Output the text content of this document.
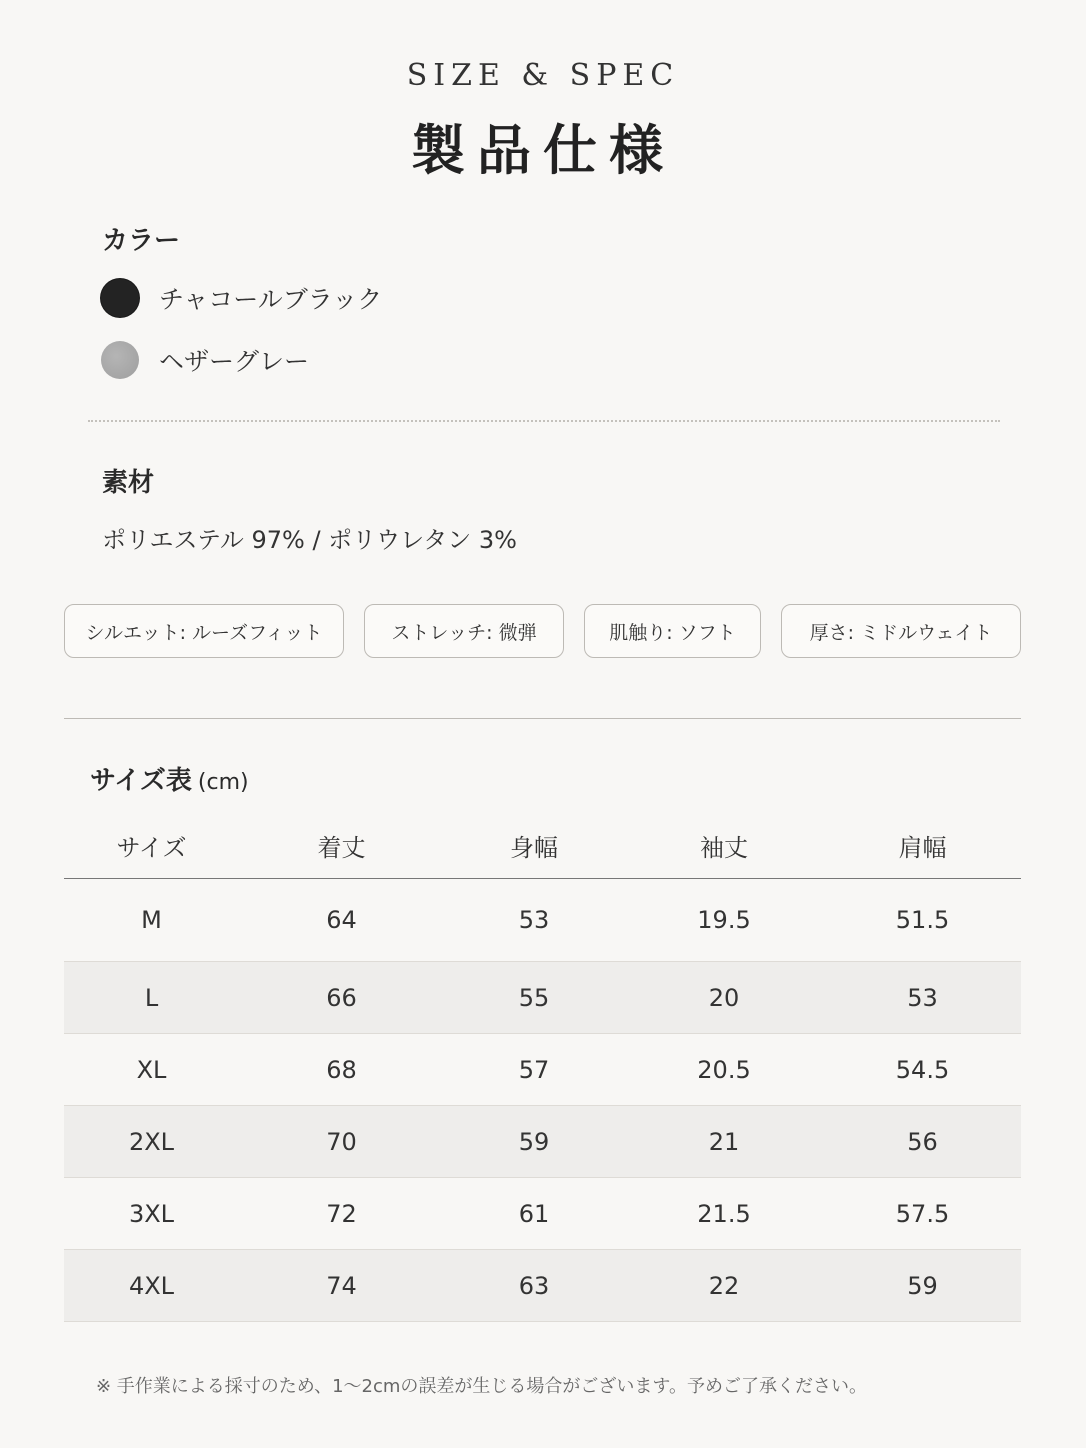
SIZE & SPEC
製品仕様
カラー
チャコールブラック
ヘザーグレー
素材
ポリエステル 97% / ポリウレタン 3%
シルエット: ルーズフィット	ストレッチ: 微弾	肌触り: ソフト	厚さ: ミドルウェイト
サイズ表 (cm)
サイズ	着丈	身幅	袖丈	肩幅
M	64	53	19.5	51.5
L	66	55	20	53
XL	68	57	20.5	54.5
2XL	70	59	21	56
3XL	72	61	21.5	57.5
4XL	74	63	22	59
※ 手作業による採寸のため、1〜2cmの誤差が生じる場合がございます。予めご了承ください。
